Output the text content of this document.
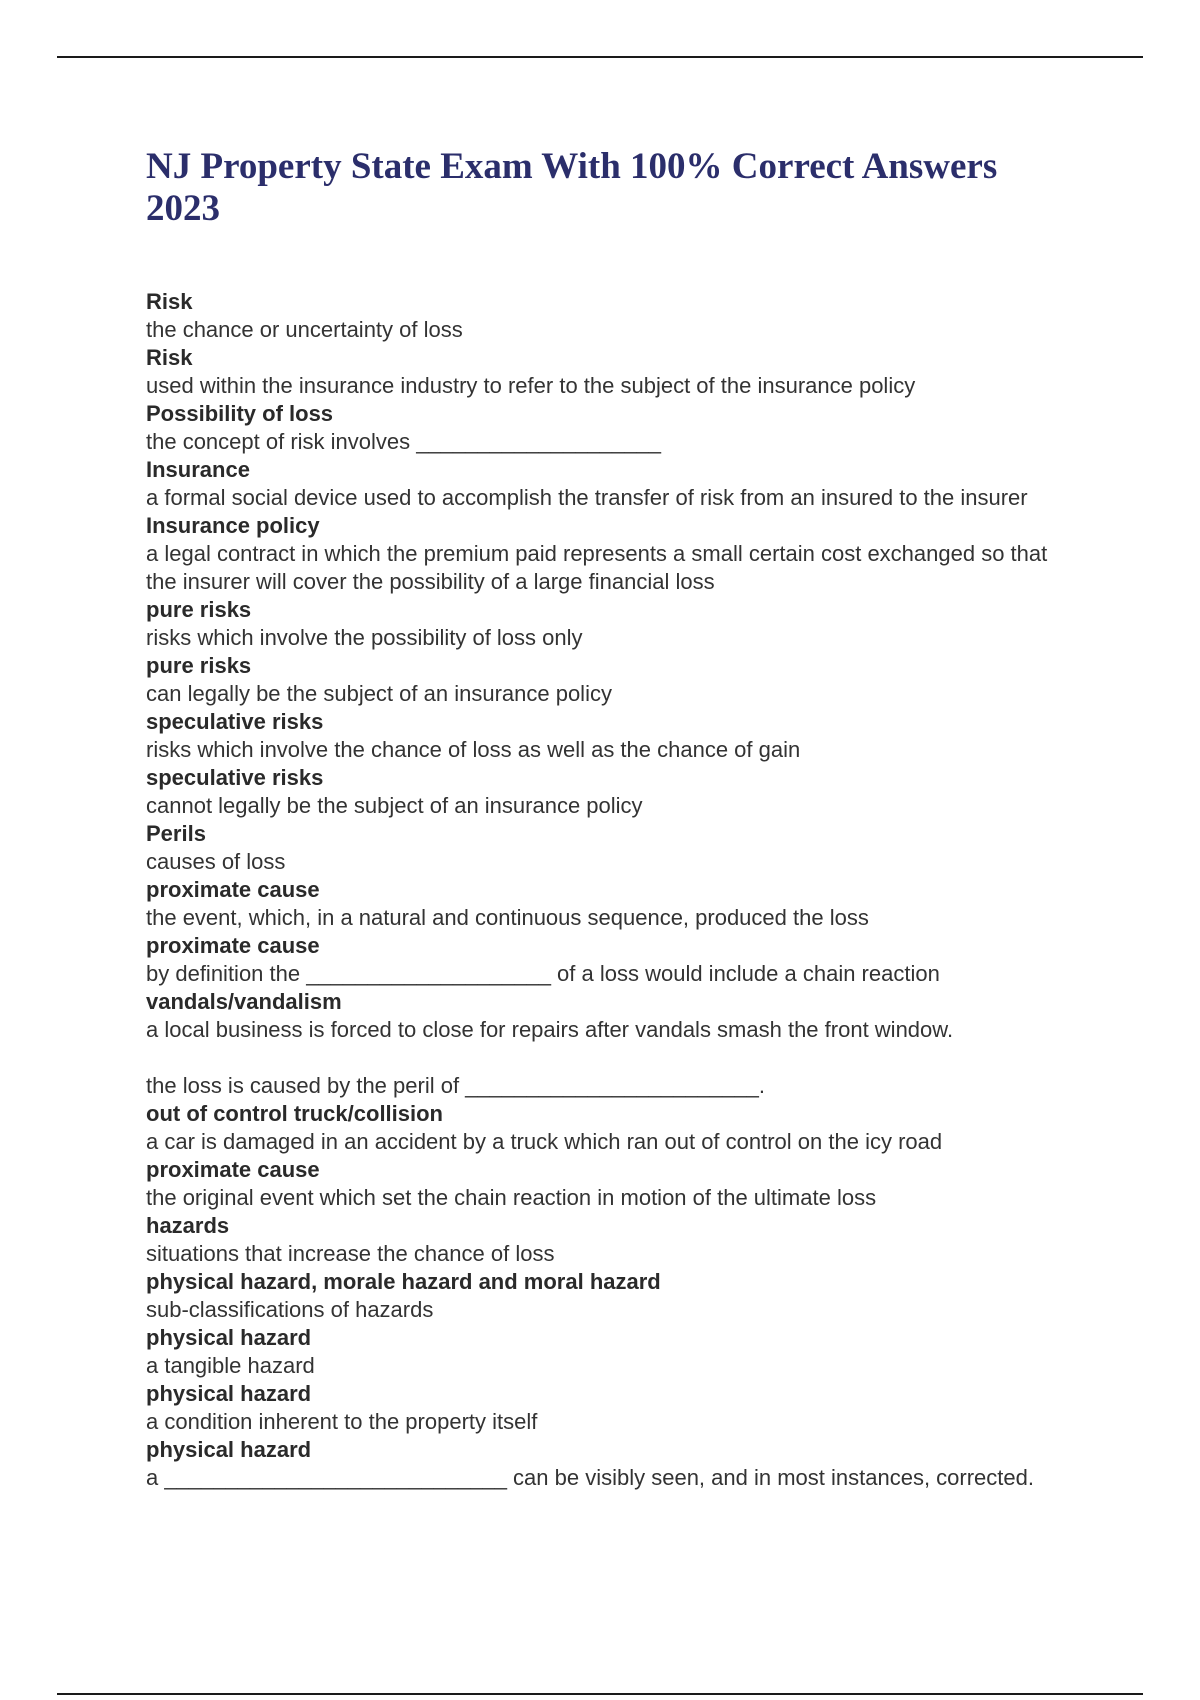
NJ Property State Exam With 100% Correct Answers 2023
Risk
the chance or uncertainty of loss
Risk
used within the insurance industry to refer to the subject of the insurance policy
Possibility of loss
the concept of risk involves ____________________
Insurance
a formal social device used to accomplish the transfer of risk from an insured to the insurer
Insurance policy
a legal contract in which the premium paid represents a small certain cost exchanged so that the insurer will cover the possibility of a large financial loss
pure risks
risks which involve the possibility of loss only
pure risks
can legally be the subject of an insurance policy
speculative risks
risks which involve the chance of loss as well as the chance of gain
speculative risks
cannot legally be the subject of an insurance policy
Perils
causes of loss
proximate cause
the event, which, in a natural and continuous sequence, produced the loss
proximate cause
by definition the ____________________ of a loss would include a chain reaction
vandals/vandalism
a local business is forced to close for repairs after vandals smash the front window.

the loss is caused by the peril of ________________________.
out of control truck/collision
a car is damaged in an accident by a truck which ran out of control on the icy road
proximate cause
the original event which set the chain reaction in motion of the ultimate loss
hazards
situations that increase the chance of loss
physical hazard, morale hazard and moral hazard
sub-classifications of hazards
physical hazard
a tangible hazard
physical hazard
a condition inherent to the property itself
physical hazard
a ____________________________ can be visibly seen, and in most instances, corrected.
